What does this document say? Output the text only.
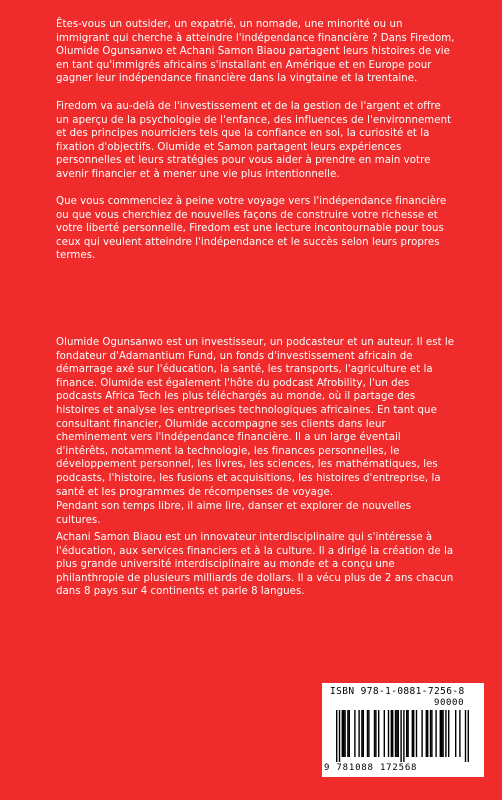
Êtes-vous un outsider, un expatrié, un nomade, une minorité ou un immigrant qui cherche à atteindre l'indépendance financière ? Dans Firedom, Olumide Ogunsanwo et Achani Samon Biaou partagent leurs histoires de vie en tant qu'immigrés africains s'installant en Amérique et en Europe pour gagner leur indépendance financière dans la vingtaine et la trentaine.

Firedom va au-delà de l'investissement et de la gestion de l'argent et offre un aperçu de la psychologie de l'enfance, des influences de l'environnement et des principes nourriciers tels que la confiance en soi, la curiosité et la fixation d'objectifs. Olumide et Samon partagent leurs expériences personnelles et leurs stratégies pour vous aider à prendre en main votre avenir financier et à mener une vie plus intentionnelle.

Que vous commenciez à peine votre voyage vers l'indépendance financière ou que vous cherchiez de nouvelles façons de construire votre richesse et votre liberté personnelle, Firedom est une lecture incontournable pour tous ceux qui veulent atteindre l'indépendance et le succès selon leurs propres termes.

Olumide Ogunsanwo est un investisseur, un podcasteur et un auteur. Il est le fondateur d'Adamantium Fund, un fonds d'investissement africain de démarrage axé sur l'éducation, la santé, les transports, l'agriculture et la finance. Olumide est également l'hôte du podcast Afrobility, l'un des podcasts Africa Tech les plus téléchargés au monde, où il partage des histoires et analyse les entreprises technologiques africaines. En tant que consultant financier, Olumide accompagne ses clients dans leur cheminement vers l'indépendance financière. Il a un large éventail d'intérêts, notamment la technologie, les finances personnelles, le développement personnel, les livres, les sciences, les mathématiques, les podcasts, l'histoire, les fusions et acquisitions, les histoires d'entreprise, la santé et les programmes de récompenses de voyage.

Pendant son temps libre, il aime lire, danser et explorer de nouvelles cultures.

Achani Samon Biaou est un innovateur interdisciplinaire qui s'intéresse à l'éducation, aux services financiers et à la culture. Il a dirigé la création de la plus grande université interdisciplinaire au monde et a conçu une philanthropie de plusieurs milliards de dollars. Il a vécu plus de 2 ans chacun dans 8 pays sur 4 continents et parle 8 langues.

ISBN 978-1-0881-7256-8
90000
9 781088 172568
